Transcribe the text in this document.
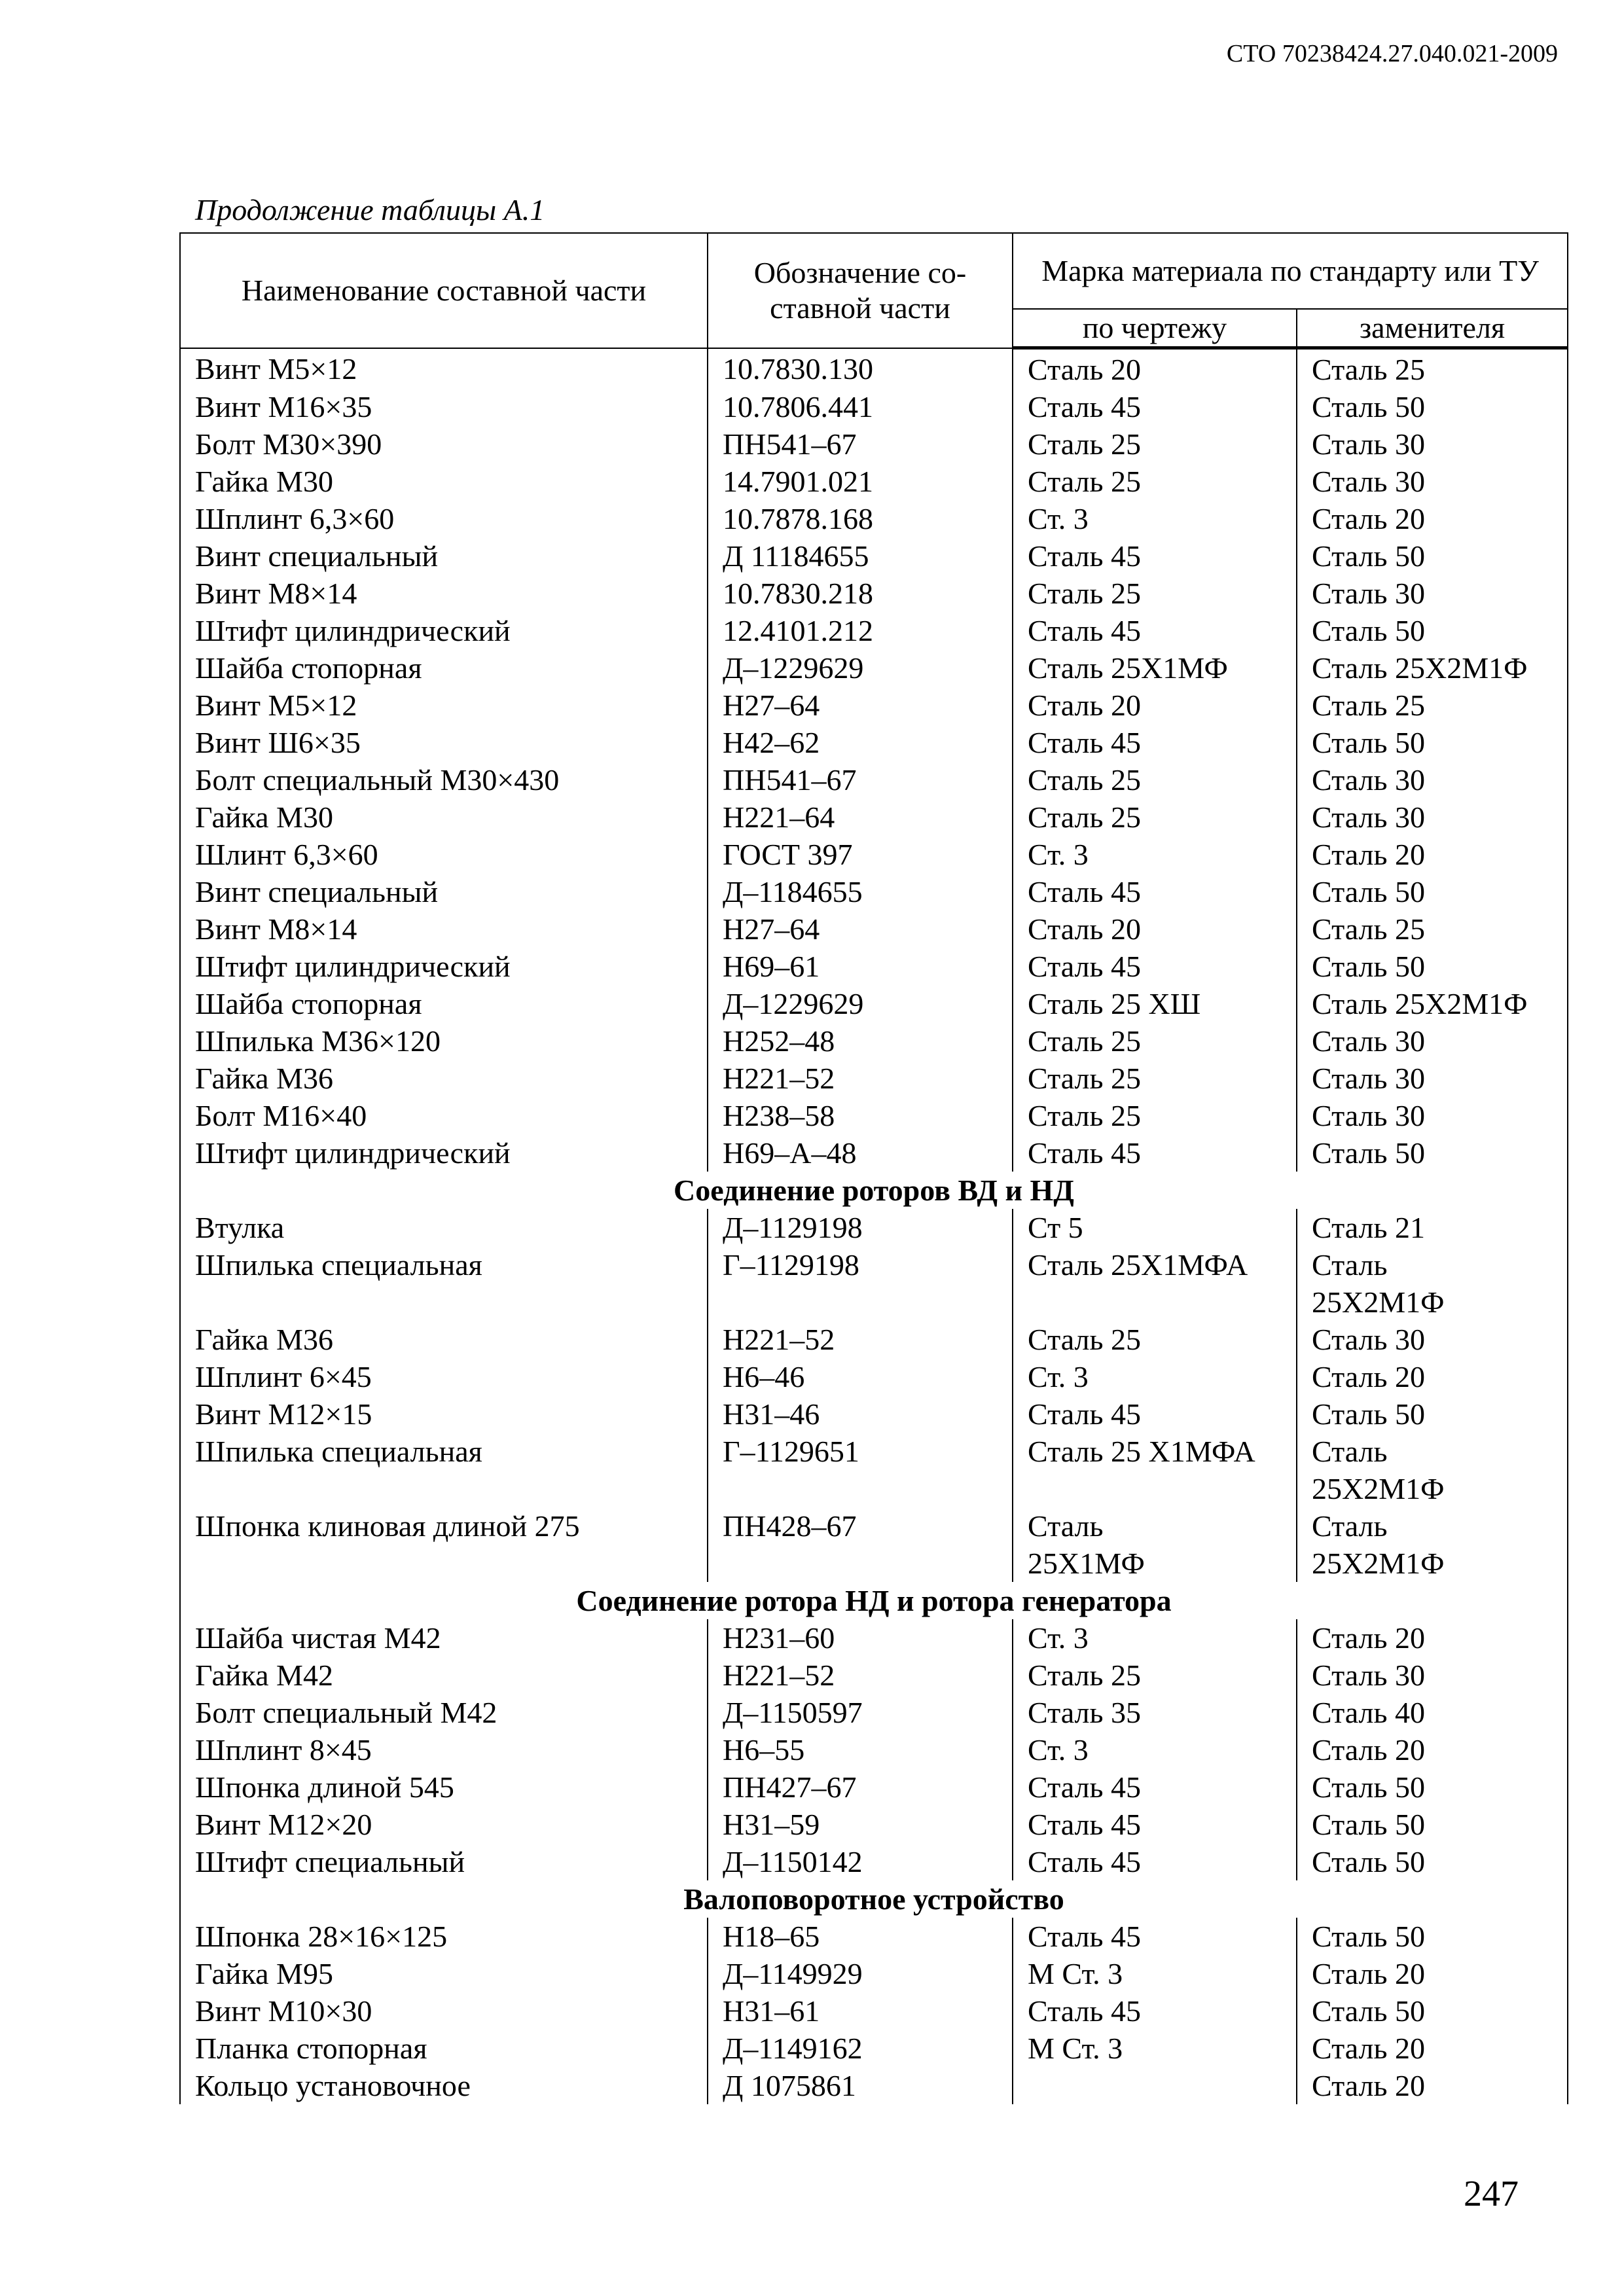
СТО 70238424.27.040.021-2009
Продолжение таблицы А.1
Наименование составной части	Обозначение со-ставной части	Марка материала по стандарту или ТУ	
		по чертежу	заменителя
Винт М5×12	10.7830.130	Сталь 20	Сталь 25
Винт М16×35	10.7806.441	Сталь 45	Сталь 50
Болт М30×390	ПН541–67	Сталь 25	Сталь 30
Гайка М30	14.7901.021	Сталь 25	Сталь 30
Шплинт 6,3×60	10.7878.168	Ст. 3	Сталь 20
Винт специальный	Д 11184655	Сталь 45	Сталь 50
Винт М8×14	10.7830.218	Сталь 25	Сталь 30
Штифт цилиндрический	12.4101.212	Сталь 45	Сталь 50
Шайба стопорная	Д–1229629	Сталь 25Х1МФ	Сталь 25Х2М1Ф
Винт М5×12	Н27–64	Сталь 20	Сталь 25
Винт Ш6×35	Н42–62	Сталь 45	Сталь 50
Болт специальный М30×430	ПН541–67	Сталь 25	Сталь 30
Гайка М30	Н221–64	Сталь 25	Сталь 30
Шлинт 6,3×60	ГОСТ 397	Ст. 3	Сталь 20
Винт специальный	Д–1184655	Сталь 45	Сталь 50
Винт М8×14	Н27–64	Сталь 20	Сталь 25
Штифт цилиндрический	Н69–61	Сталь 45	Сталь 50
Шайба стопорная	Д–1229629	Сталь 25 ХШ	Сталь 25Х2М1Ф
Шпилька М36×120	Н252–48	Сталь 25	Сталь 30
Гайка М36	Н221–52	Сталь 25	Сталь 30
Болт М16×40	Н238–58	Сталь 25	Сталь 30
Штифт цилиндрический	Н69–А–48	Сталь 45	Сталь 50
Соединение роторов ВД и НД			
Втулка	Д–1129198	Ст 5	Сталь 21
Шпилька специальная	Г–1129198	Сталь 25Х1МФА	Сталь
			25Х2М1Ф
Гайка М36	Н221–52	Сталь 25	Сталь 30
Шплинт 6×45	Н6–46	Ст. 3	Сталь 20
Винт М12×15	Н31–46	Сталь 45	Сталь 50
Шпилька специальная	Г–1129651	Сталь 25 Х1МФА	Сталь
			25Х2М1Ф
Шпонка клиновая длиной 275	ПН428–67	Сталь	Сталь
		25Х1МФ	25Х2М1Ф
Соединение ротора НД и ротора генератора			
Шайба чистая М42	Н231–60	Ст. 3	Сталь 20
Гайка М42	Н221–52	Сталь 25	Сталь 30
Болт специальный М42	Д–1150597	Сталь 35	Сталь 40
Шплинт 8×45	Н6–55	Ст. 3	Сталь 20
Шпонка длиной 545	ПН427–67	Сталь 45	Сталь 50
Винт М12×20	Н31–59	Сталь 45	Сталь 50
Штифт специальный	Д–1150142	Сталь 45	Сталь 50
Валоповоротное устройство			
Шпонка 28×16×125	Н18–65	Сталь 45	Сталь 50
Гайка М95	Д–1149929	М Ст. 3	Сталь 20
Винт М10×30	Н31–61	Сталь 45	Сталь 50
Планка стопорная	Д–1149162	М Ст. 3	Сталь 20
Кольцо установочное	Д 1075861		Сталь 20
247
